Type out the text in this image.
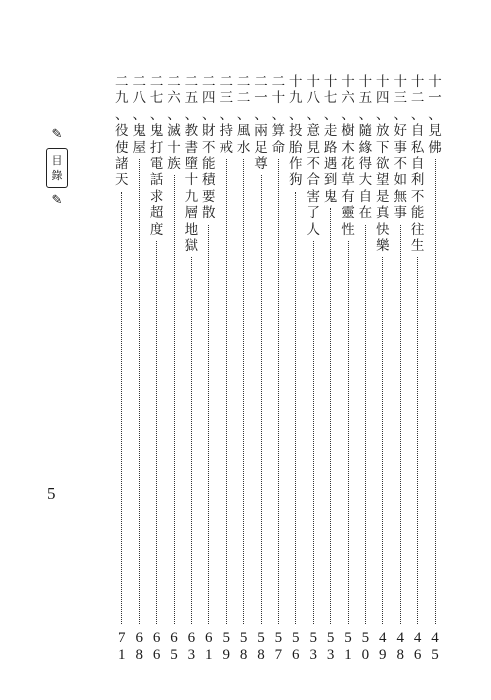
✎
目
錄
✎
5
十
一
、
見
佛
4
5
十
二
、
自
私
自
利
不
能
往
生
4
6
十
三
、
好
事
不
如
無
事
4
8
十
四
、
放
下
欲
望
是
真
快
樂
4
9
十
五
、
隨
緣
得
大
自
在
5
0
十
六
、
樹
木
花
草
有
靈
性
5
1
十
七
、
走
路
遇
到
鬼
5
3
十
八
、
意
見
不
合
害
了
人
5
3
十
九
、
投
胎
作
狗
5
6
二
十
、
算
命
5
7
二
一
、
兩
足
尊
5
8
二
二
、
風
水
5
8
二
三
、
持
戒
5
9
二
四
、
財
不
能
積
要
散
6
1
二
五
、
教
書
墮
十
九
層
地
獄
6
3
二
六
、
滅
十
族
6
5
二
七
、
鬼
打
電
話
求
超
度
6
6
二
八
、
鬼
屋
6
8
二
九
、
役
使
諸
天
7
1
